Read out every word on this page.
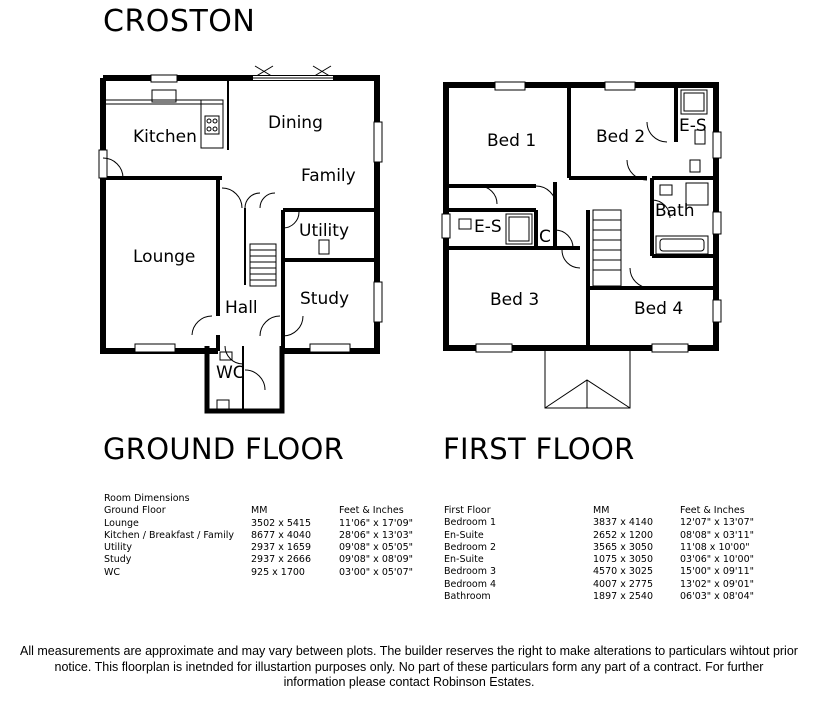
CROSTON
Kitchen
Dining
Family
Utility
Lounge
Hall Study
WC
Bed 1	Bed 2
E-S
E-S C
Bath
Bed 3	Bed 4
GROUND FLOOR	FIRST FLOOR
Room Dimensions
Ground Floor	MM	Feet & Inches
Lounge	3502 x 5415	11'06" x 17'09"
Kitchen / Breakfast / Family 8677 x 4040	28'06" x 13'03"
Utility	2937 x 1659	09'08" x 05'05"
Study	2937 x 2666	09'08" x 08'09"
WC	925 x 1700	03'00" x 05'07"
First Floor	MM	Feet & Inches
Bedroom 1	3837 x 4140	12'07" x 13'07"
En-Suite	2652 x 1200	08'08" x 03'11"
Bedroom 2	3565 x 3050	11'08 x 10'00"
En-Suite	1075 x 3050	03'06" x 10'00"
Bedroom 3	4570 x 3025	15'00" x 09'11"
Bedroom 4	4007 x 2775	13'02" x 09'01"
Bathroom	1897 x 2540	06'03" x 08'04"
All measurements are approximate and may vary between plots. The builder reserves the right to make alterations to particulars wihtout prior
notice. This floorplan is inetnded for illustartion purposes only. No part of these particulars form any part of a contract. For further
information please contact Robinson Estates.
